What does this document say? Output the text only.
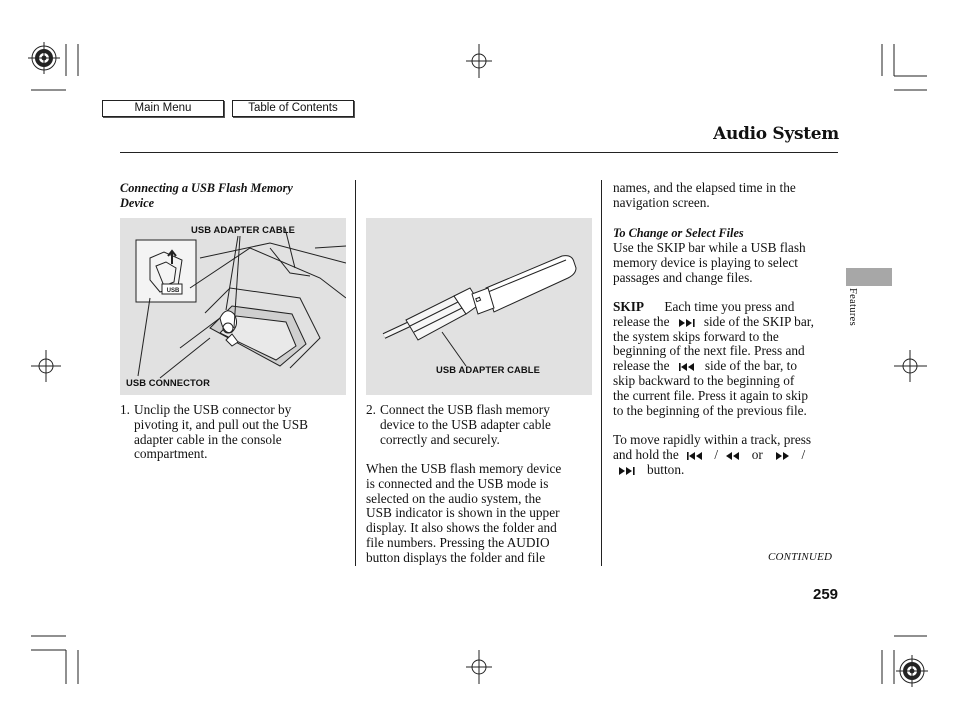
Main Menu	Table of Contents
Audio System
Connecting a USB Flash Memory
Device
USB
USB ADAPTER CABLE
USB CONNECTOR
1. Unclip the USB connector by
pivoting it, and pull out the USB
adapter cable in the console
compartment.
USB ADAPTER CABLE
2. Connect the USB flash memory
device to the USB adapter cable
correctly and securely.
When the USB flash memory device
is connected and the USB mode is
selected on the audio system, the
USB indicator is shown in the upper
display. It also shows the folder and
file numbers. Pressing the AUDIO
button displays the folder and file
names, and the elapsed time in the
navigation screen.
To Change or Select Files
Use the SKIP bar while a USB flash
memory device is playing to select
passages and change files.
SKIP Each time you press and
release the	side of the SKIP bar,
the system skips forward to the
beginning of the next file. Press and
release the	side of the bar, to
skip backward to the beginning of
the current file. Press it again to skip
to the beginning of the previous file.
To move rapidly within a track, press
and hold the	/	or	/
button.
Features
CONTINUED
259
